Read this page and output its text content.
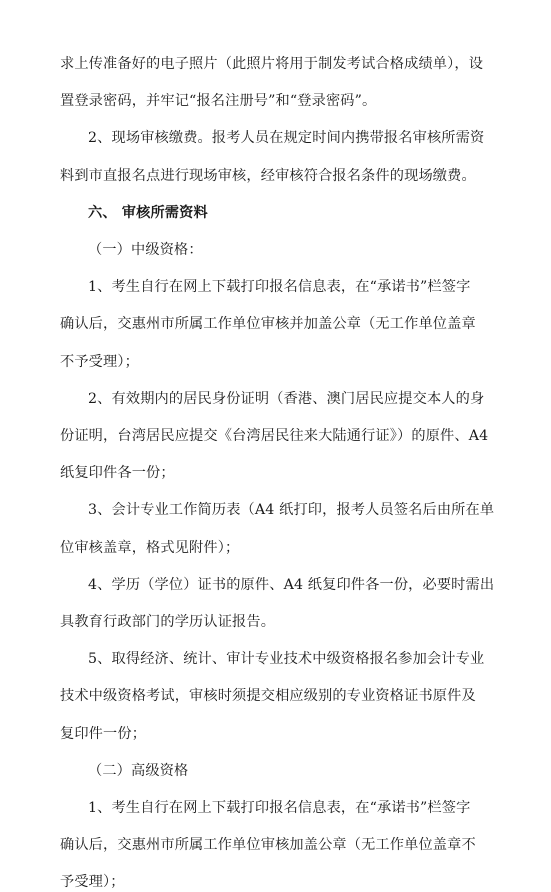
求上传准备好的电子照片（此照片将用于制发考试合格成绩单），设
置登录密码，并牢记“报名注册号”和“登录密码”。
2、现场审核缴费。报考人员在规定时间内携带报名审核所需资
料到市直报名点进行现场审核，经审核符合报名条件的现场缴费。
六、 审核所需资料
（一）中级资格：
1、考生自行在网上下载打印报名信息表，在“承诺书”栏签字
确认后，交惠州市所属工作单位审核并加盖公章（无工作单位盖章
不予受理）；
2、有效期内的居民身份证明（香港、澳门居民应提交本人的身
份证明，台湾居民应提交《台湾居民往来大陆通行证》）的原件、A4
纸复印件各一份；
3、会计专业工作简历表（A4 纸打印，报考人员签名后由所在单
位审核盖章，格式见附件）；
4、学历（学位）证书的原件、A4 纸复印件各一份，必要时需出
具教育行政部门的学历认证报告。
5、取得经济、统计、审计专业技术中级资格报名参加会计专业
技术中级资格考试，审核时须提交相应级别的专业资格证书原件及
复印件一份；
（二）高级资格
1、考生自行在网上下载打印报名信息表，在“承诺书”栏签字
确认后，交惠州市所属工作单位审核加盖公章（无工作单位盖章不
予受理）；
